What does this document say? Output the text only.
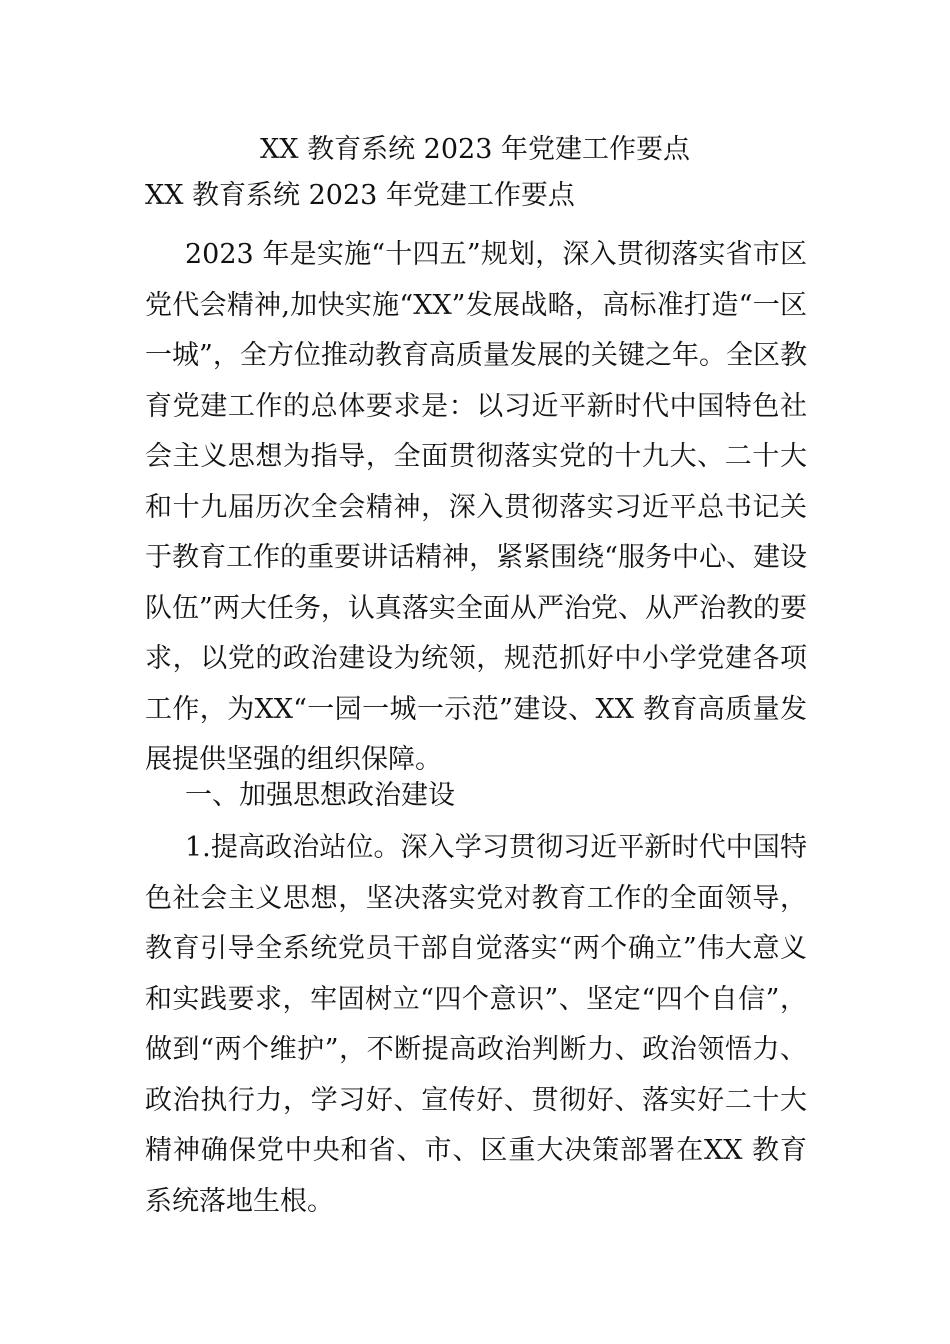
XX 教育系统 2023 年党建工作要点

XX 教育系统 2023 年党建工作要点

2023 年是实施“十四五”规划，深入贯彻落实省市区党代会精神,加快实施“XX”发展战略，高标准打造“一区一城”，全方位推动教育高质量发展的关键之年。全区教育党建工作的总体要求是：以习近平新时代中国特色社会主义思想为指导，全面贯彻落实党的十九大、二十大和十九届历次全会精神，深入贯彻落实习近平总书记关于教育工作的重要讲话精神，紧紧围绕“服务中心、建设队伍”两大任务，认真落实全面从严治党、从严治教的要求，以党的政治建设为统领，规范抓好中小学党建各项工作，为XX“一园一城一示范”建设、XX 教育高质量发展提供坚强的组织保障。

一、加强思想政治建设

1.提高政治站位。深入学习贯彻习近平新时代中国特色社会主义思想，坚决落实党对教育工作的全面领导，教育引导全系统党员干部自觉落实“两个确立”伟大意义和实践要求，牢固树立“四个意识”、坚定“四个自信”，做到“两个维护”，不断提高政治判断力、政治领悟力、政治执行力，学习好、宣传好、贯彻好、落实好二十大精神确保党中央和省、市、区重大决策部署在XX 教育系统落地生根。
